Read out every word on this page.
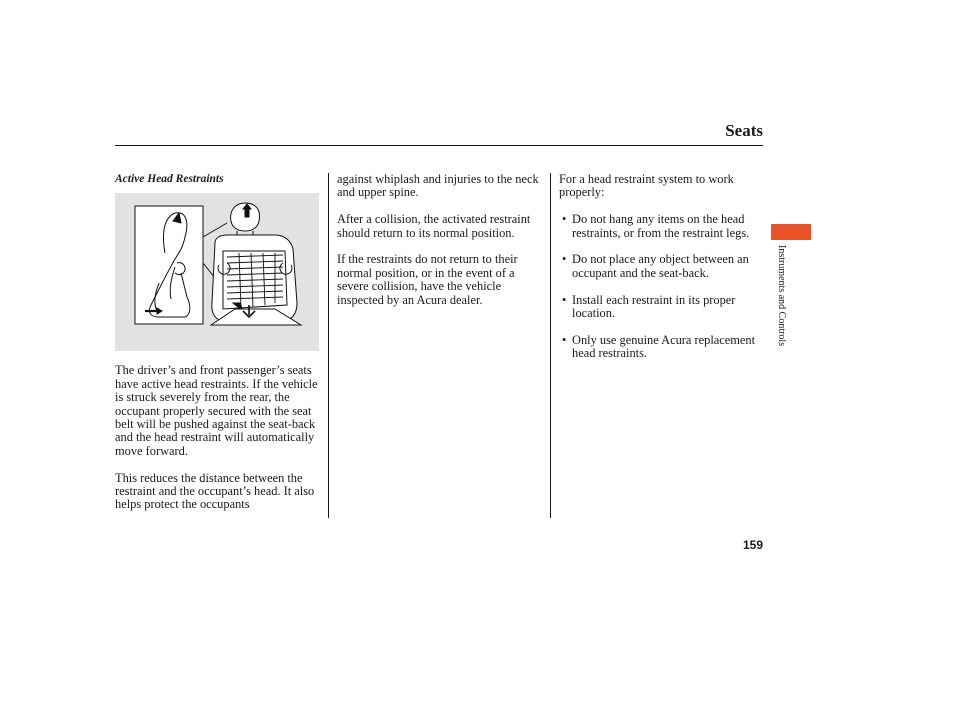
Seats
Active Head Restraints

The driver’s and front passenger’s seats have active head restraints. If the vehicle is struck severely from the rear, the occupant properly secured with the seat belt will be pushed against the seat-back and the head restraint will automatically move forward.

This reduces the distance between the restraint and the occupant’s head. It also helps protect the occupants

against whiplash and injuries to the neck and upper spine.

After a collision, the activated restraint should return to its normal position.

If the restraints do not return to their normal position, or in the event of a severe collision, have the vehicle inspected by an Acura dealer.

For a head restraint system to work properly:

• Do not hang any items on the head restraints, or from the restraint legs.
• Do not place any object between an occupant and the seat-back.
• Install each restraint in its proper location.
• Only use genuine Acura replacement head restraints.
Instruments and Controls
159
